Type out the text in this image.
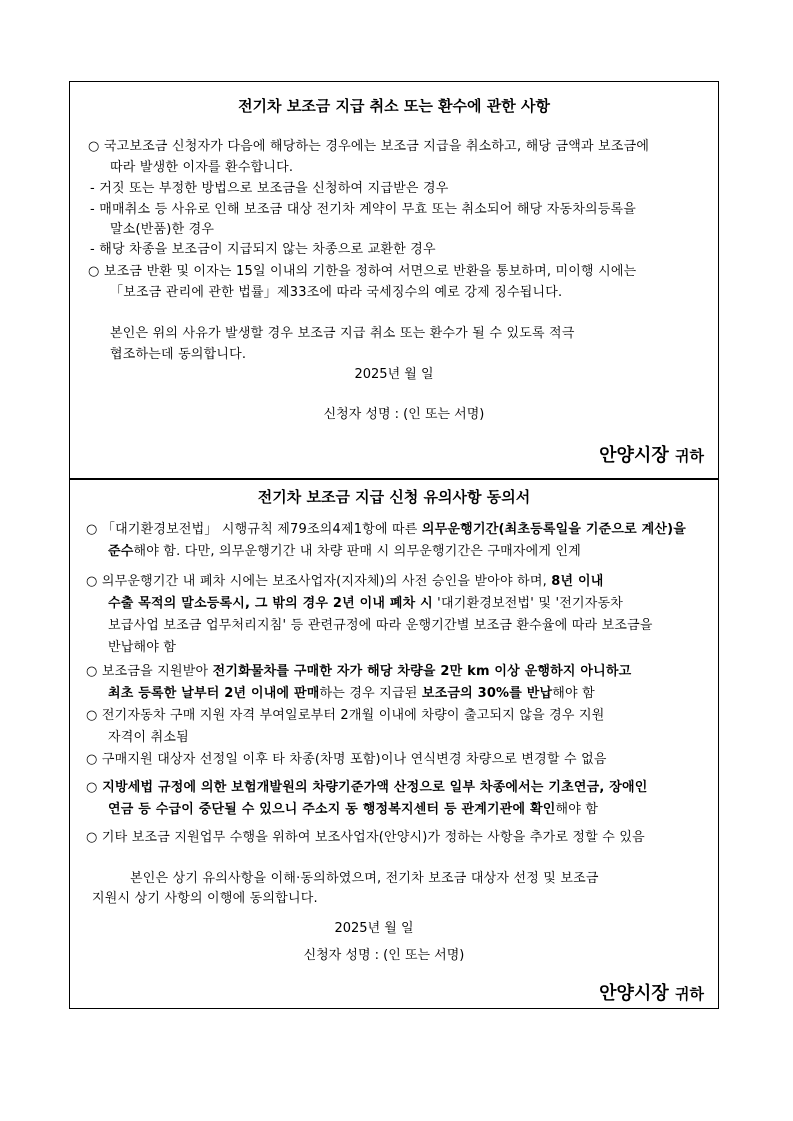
전기차 보조금 지급 취소 또는 환수에 관한 사항
○ 국고보조금 신청자가 다음에 해당하는 경우에는 보조금 지급을 취소하고, 해당 금액과 보조금에
따라 발생한 이자를 환수합니다.
- 거짓 또는 부정한 방법으로 보조금을 신청하여 지급받은 경우
- 매매취소 등 사유로 인해 보조금 대상 전기차 계약이 무효 또는 취소되어 해당 자동차의등록을
말소(반품)한 경우
- 해당 차종을 보조금이 지급되지 않는 차종으로 교환한 경우
○ 보조금 반환 및 이자는 15일 이내의 기한을 정하여 서면으로 반환을 통보하며, 미이행 시에는
「보조금 관리에 관한 법률」제33조에 따라 국세징수의 예로 강제 징수됩니다.
본인은 위의 사유가 발생할 경우 보조금 지급 취소 또는 환수가 될 수 있도록 적극
협조하는데 동의합니다.
2025년 월 일
신청자 성명 : (인 또는 서명)
안양시장 귀하
전기차 보조금 지급 신청 유의사항 동의서
○ 「대기환경보전법」 시행규칙 제79조의4제1항에 따른 의무운행기간(최초등록일을 기준으로 계산)을
준수해야 함. 다만, 의무운행기간 내 차량 판매 시 의무운행기간은 구매자에게 인계
○ 의무운행기간 내 폐차 시에는 보조사업자(지자체)의 사전 승인을 받아야 하며, 8년 이내
수출 목적의 말소등록시, 그 밖의 경우 2년 이내 폐차 시 '대기환경보전법' 및 '전기자동차
보급사업 보조금 업무처리지침' 등 관련규정에 따라 운행기간별 보조금 환수율에 따라 보조금을
반납해야 함
○ 보조금을 지원받아 전기화물차를 구매한 자가 해당 차량을 2만 km 이상 운행하지 아니하고
최초 등록한 날부터 2년 이내에 판매하는 경우 지급된 보조금의 30%를 반납해야 함
○ 전기자동차 구매 지원 자격 부여일로부터 2개월 이내에 차량이 출고되지 않을 경우 지원
자격이 취소됨
○ 구매지원 대상자 선정일 이후 타 차종(차명 포함)이나 연식변경 차량으로 변경할 수 없음
○ 지방세법 규정에 의한 보험개발원의 차량기준가액 산정으로 일부 차종에서는 기초연금, 장애인
연금 등 수급이 중단될 수 있으니 주소지 동 행정복지센터 등 관계기관에 확인해야 함
○ 기타 보조금 지원업무 수행을 위하여 보조사업자(안양시)가 정하는 사항을 추가로 정할 수 있음
본인은 상기 유의사항을 이해·동의하였으며, 전기차 보조금 대상자 선정 및 보조금
지원시 상기 사항의 이행에 동의합니다.
2025년 월 일
신청자 성명 : (인 또는 서명)
안양시장 귀하
